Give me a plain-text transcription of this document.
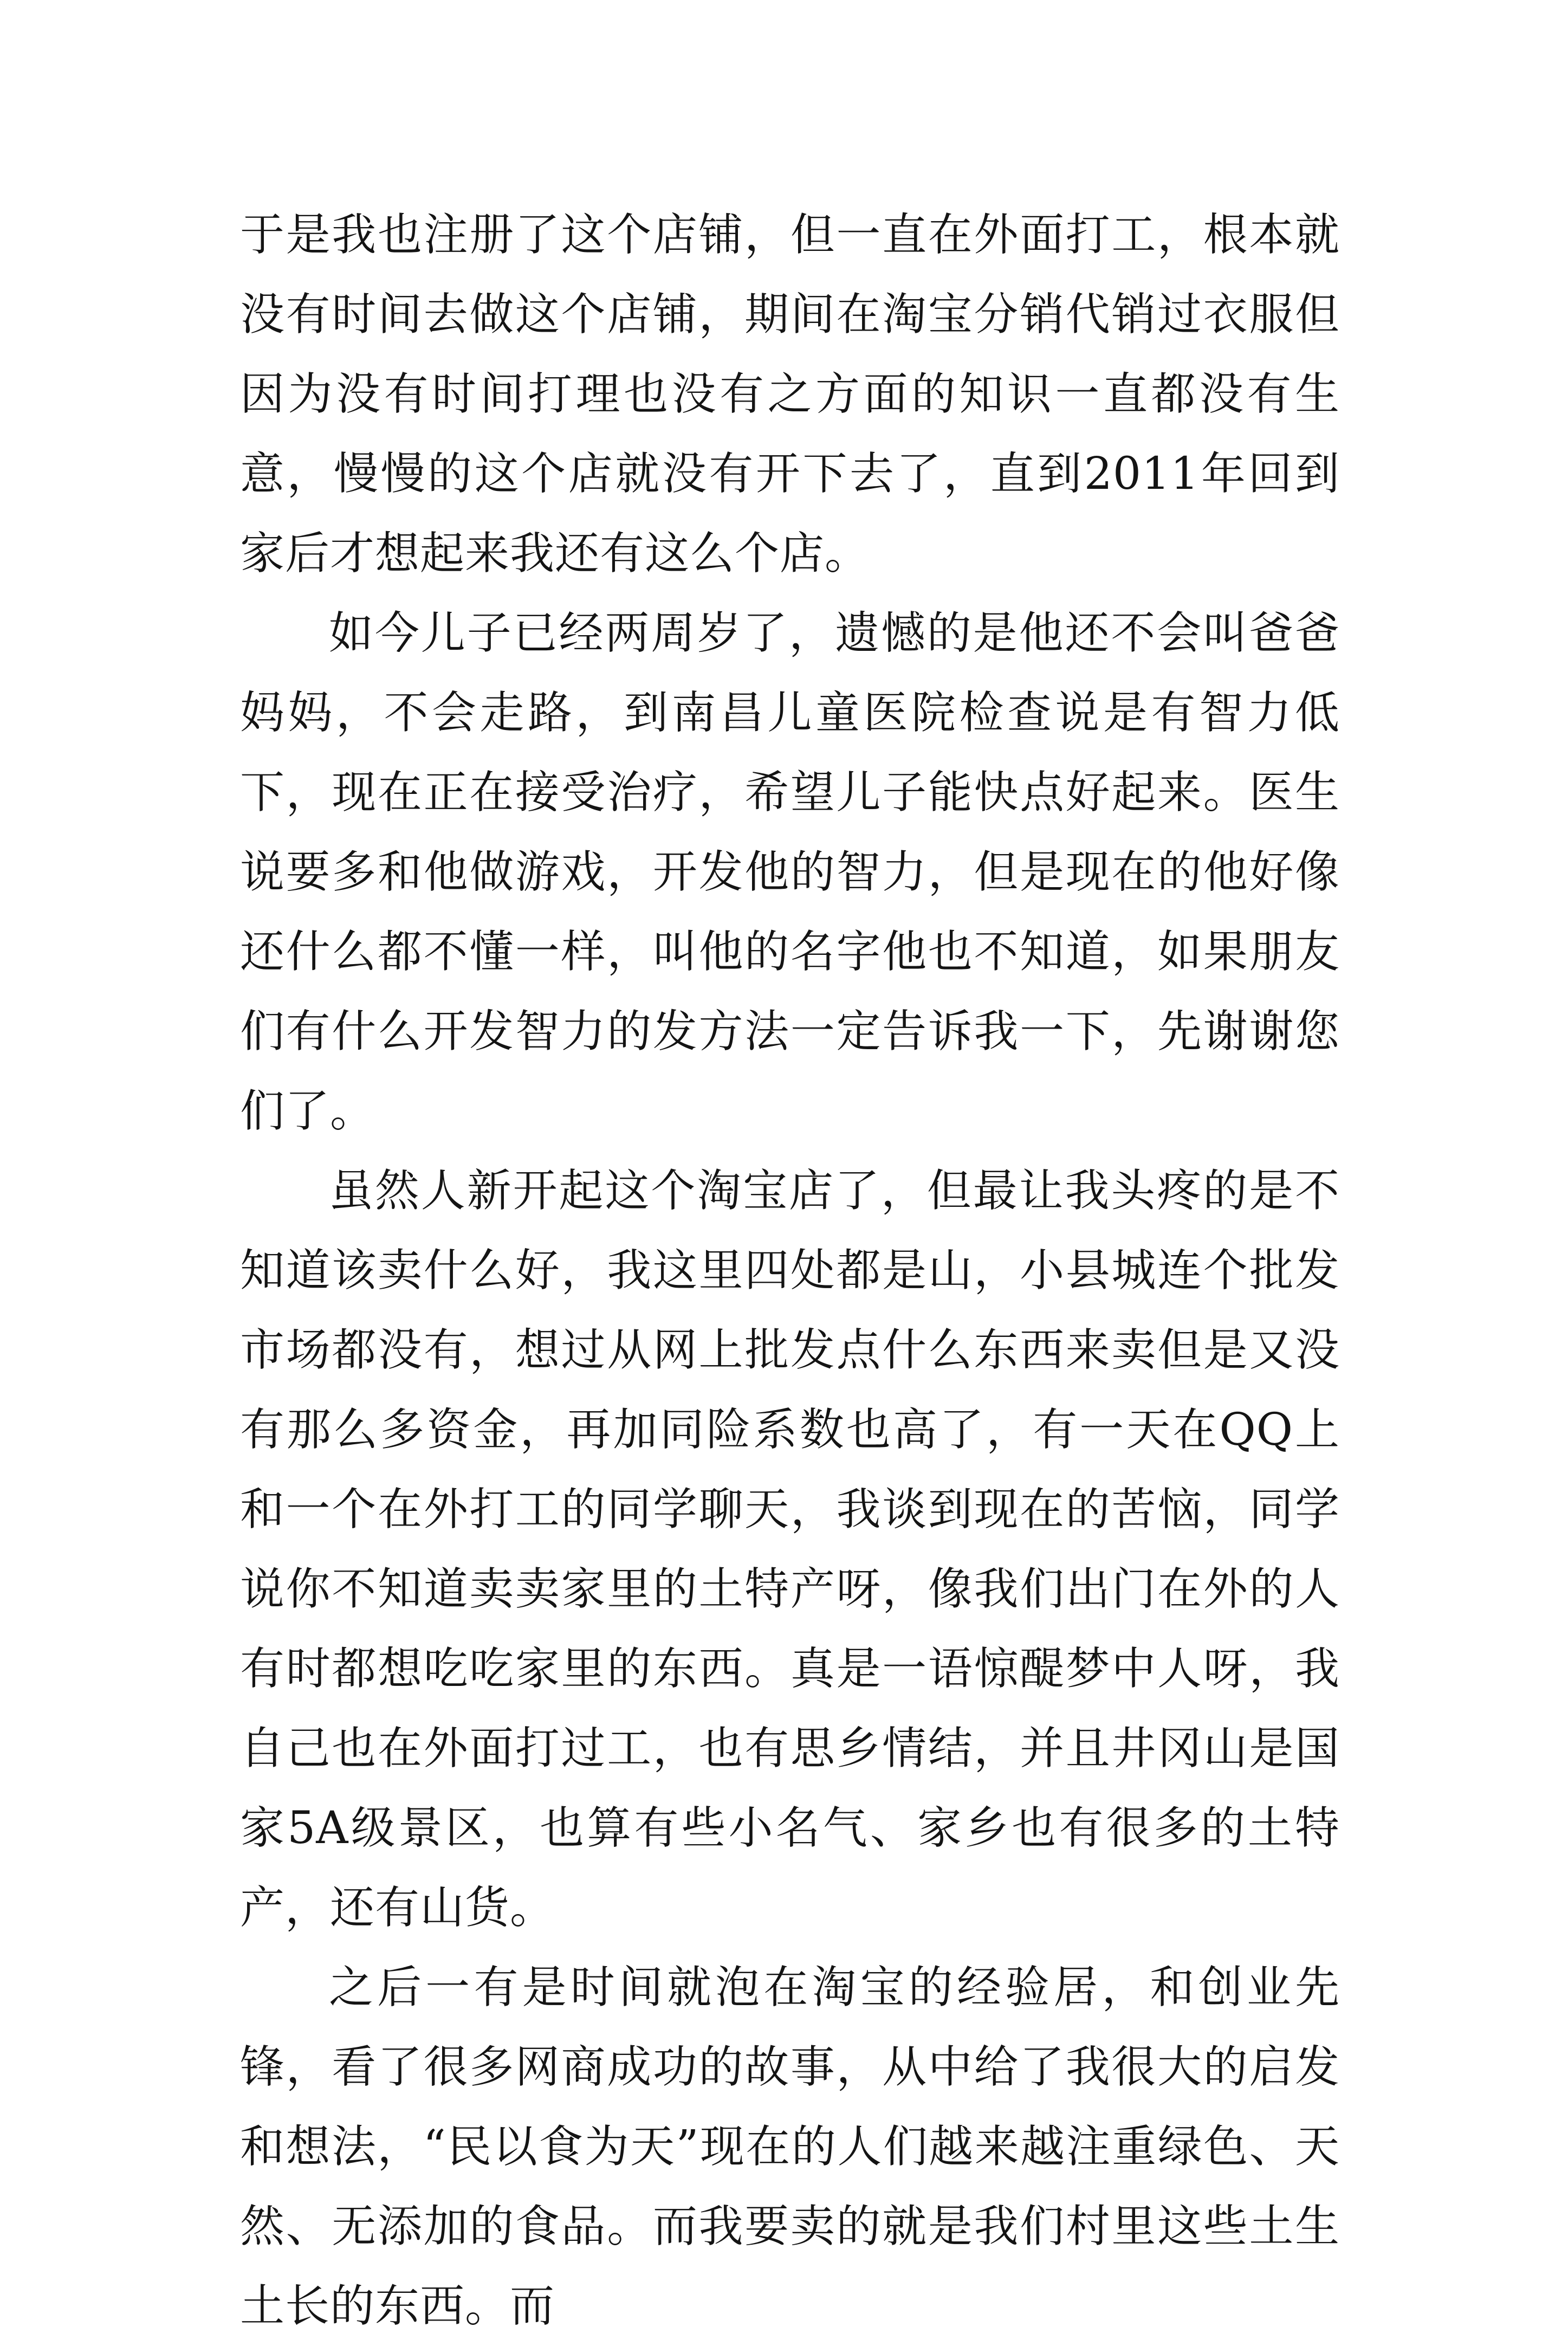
于是我也注册了这个店铺，但一直在外面打工，根本就没有时间去做这个店铺，期间在淘宝分销代销过衣服但因为没有时间打理也没有之方面的知识一直都没有生意，慢慢的这个店就没有开下去了，直到2011年回到家后才想起来我还有这么个店。

如今儿子已经两周岁了，遗憾的是他还不会叫爸爸妈妈，不会走路，到南昌儿童医院检查说是有智力低下，现在正在接受治疗，希望儿子能快点好起来。医生说要多和他做游戏，开发他的智力，但是现在的他好像还什么都不懂一样，叫他的名字他也不知道，如果朋友们有什么开发智力的发方法一定告诉我一下，先谢谢您们了。

虽然人新开起这个淘宝店了，但最让我头疼的是不知道该卖什么好，我这里四处都是山，小县城连个批发市场都没有，想过从网上批发点什么东西来卖但是又没有那么多资金，再加同险系数也高了，有一天在QQ上和一个在外打工的同学聊天，我谈到现在的苦恼，同学说你不知道卖卖家里的土特产呀，像我们出门在外的人有时都想吃吃家里的东西。真是一语惊醍梦中人呀，我自己也在外面打过工，也有思乡情结，并且井冈山是国家5A级景区，也算有些小名气、家乡也有很多的土特产，还有山货。

之后一有是时间就泡在淘宝的经验居，和创业先锋，看了很多网商成功的故事，从中给了我很大的启发和想法，“民以食为天”现在的人们越来越注重绿色、天然、无添加的食品。而我要卖的就是我们村里这些土生土长的东西。而
